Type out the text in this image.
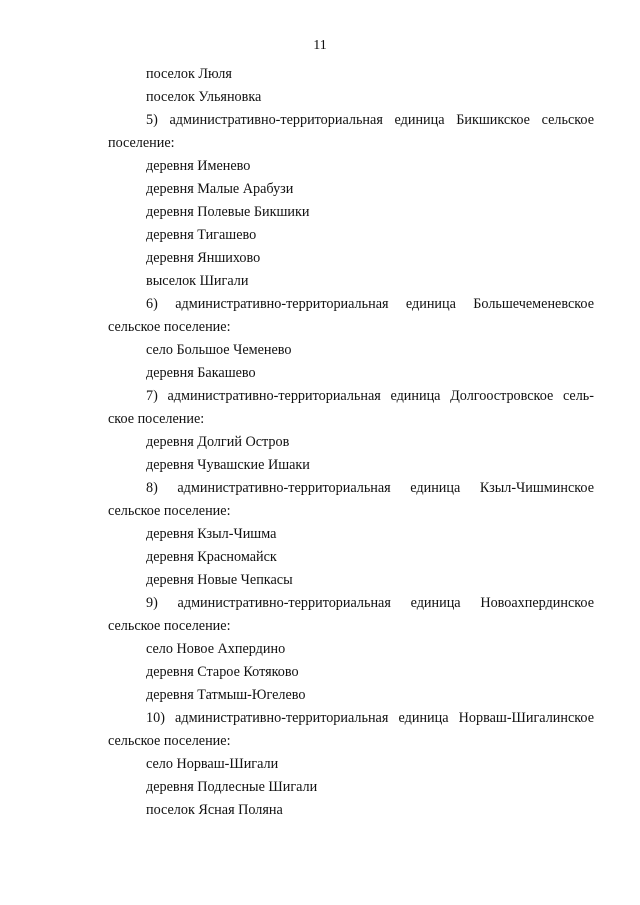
11
поселок Люля
поселок Ульяновка
5) административно-территориальная единица Бикшикское сельское
поселение:
деревня Именево
деревня Малые Арабузи
деревня Полевые Бикшики
деревня Тигашево
деревня Яншихово
выселок Шигали
6) административно-территориальная единица Большечеменевское
сельское поселение:
село Большое Чеменево
деревня Бакашево
7) административно-территориальная единица Долгоостровское сель-
ское поселение:
деревня Долгий Остров
деревня Чувашские Ишаки
8) административно-территориальная единица Кзыл-Чишминское
сельское поселение:
деревня Кзыл-Чишма
деревня Красномайск
деревня Новые Чепкасы
9) административно-территориальная единица Новоахпердинское
сельское поселение:
село Новое Ахпердино
деревня Старое Котяково
деревня Татмыш-Югелево
10) административно-территориальная единица Норваш-Шигалинское
сельское поселение:
село Норваш-Шигали
деревня Подлесные Шигали
поселок Ясная Поляна
